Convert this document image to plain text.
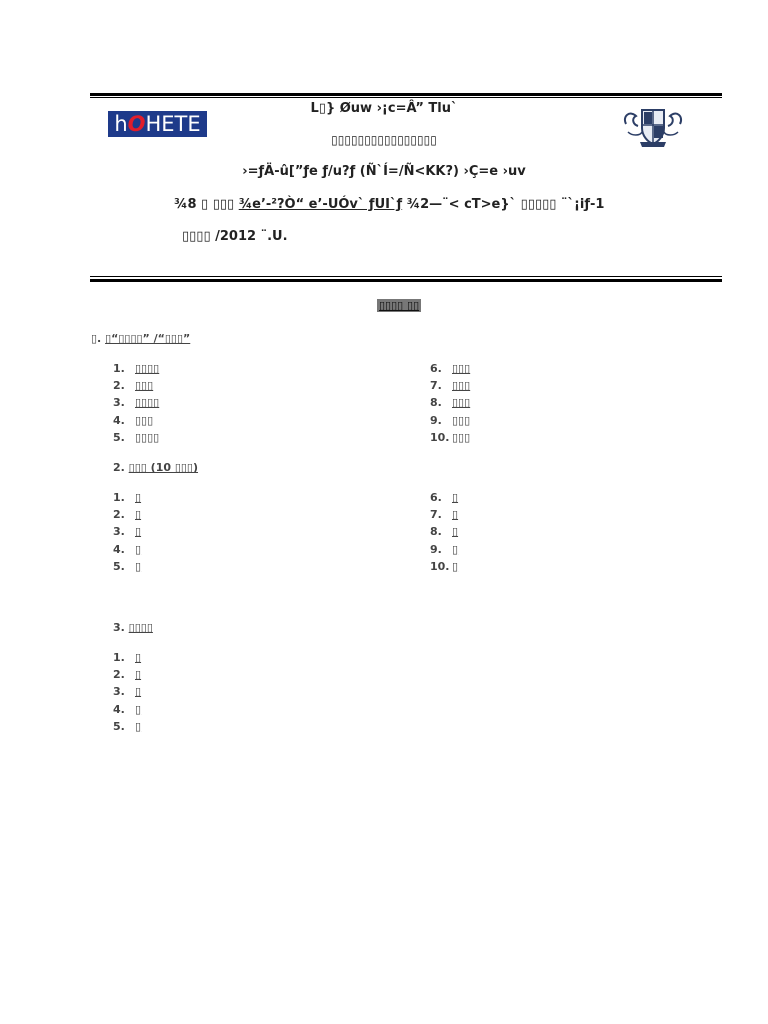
h O HETE
L▯} Øuw ›¡c=Â” Tlu`
▯▯▯▯▯▯▯▯▯▯▯▯▯▯▯▯
›=ƒÄ-û[”ƒe ƒ/u?ƒ (Ñ`Í=/Ñ<KK?) ›Ç=e ›uv
¾8 ▯ ▯▯▯ ¾e’-²?Ò“ e’-UÓv` ƒUI`ƒ ¾2—¨< cT>e}` ▯▯▯▯▯ ¨`¡iƒ-1
▯▯▯▯ /2012 ¨.U.
▯▯▯▯ ▯▯
▯. ▯“▯▯▯▯” /“▯▯▯”
1. ▯▯▯▯
2. ▯▯▯
3. ▯▯▯▯
4. ▯▯▯
5. ▯▯▯▯
6. ▯▯▯
7. ▯▯▯
8. ▯▯▯
9. ▯▯▯
10. ▯▯▯
2. ▯▯▯ (10 ▯▯▯)
1. ▯
2. ▯
3. ▯
4. ▯
5. ▯
6. ▯
7. ▯
8. ▯
9. ▯
10. ▯
3. ▯▯▯▯
1. ▯
2. ▯
3. ▯
4. ▯
5. ▯
